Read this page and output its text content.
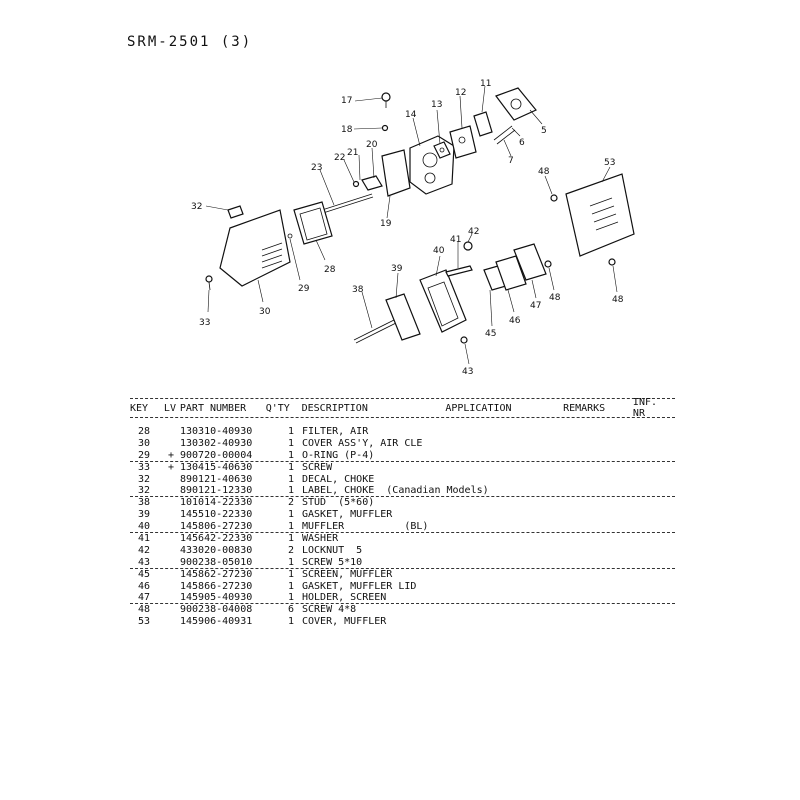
SRM-2501 (3)
17
18
14
13
12
11
5
6
7
21
20
22
23
19
48
53
32
28
29
30
33
39
40
41
42
38
45
46
47
48	48
43
KEY	LV PART NUMBER	Q'TY	DESCRIPTION	APPLICATION	REMARKS	INF. NR
28	130310-40930	1 FILTER, AIR
30	130302-40930	1 COVER ASS'Y, AIR CLE
29	+ 900720-00004	1 O-RING (P-4)
33	+ 130415-40630	1 SCREW
32	890121-40630	1 DECAL, CHOKE
32	890121-12330	1 LABEL, CHOKE  (Canadian Models)
38	101014-22330	2 STUD  (5*60)
39	145510-22330	1 GASKET, MUFFLER
40	145806-27230	1 MUFFLER          (BL)
41	145642-22330	1 WASHER
42	433020-00830	2 LOCKNUT  5
43	900238-05010	1 SCREW 5*10
45	145862-27230	1 SCREEN, MUFFLER
46	145866-27230	1 GASKET, MUFFLER LID
47	145905-40930	1 HOLDER, SCREEN
48	900238-04008	6 SCREW 4*8
53	145906-40931	1 COVER, MUFFLER
